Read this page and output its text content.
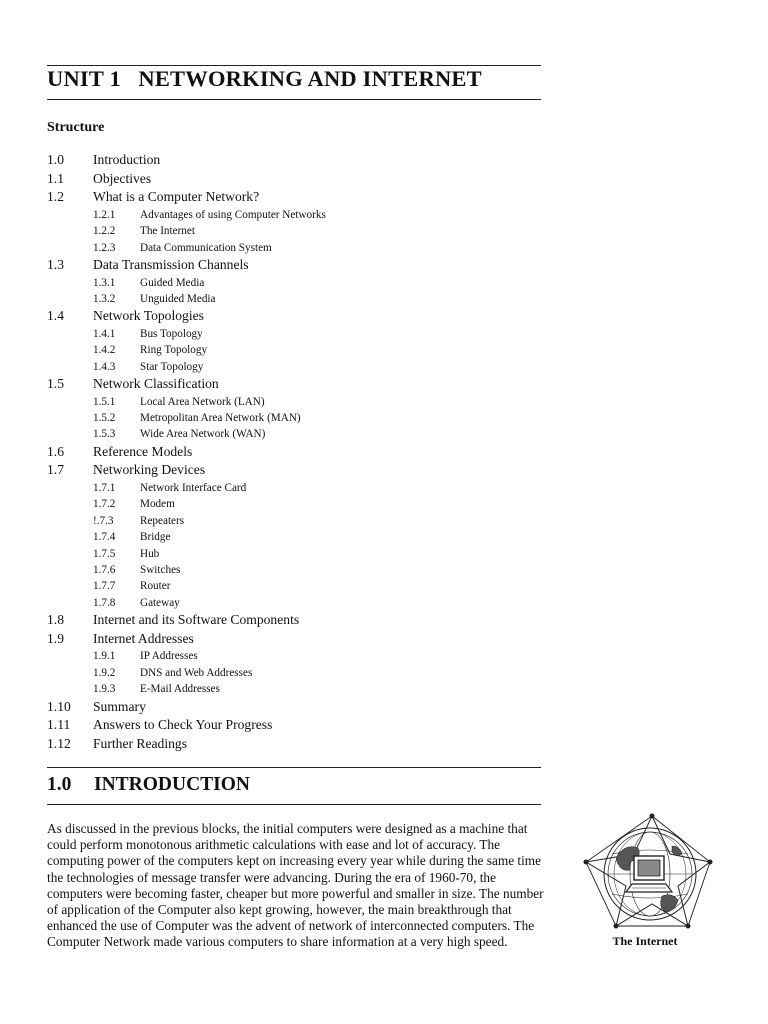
UNIT 1   NETWORKING AND INTERNET
Structure
1.0 Introduction
1.1 Objectives
1.2 What is a Computer Network?
1.2.1 Advantages of using Computer Networks
1.2.2 The Internet
1.2.3 Data Communication System
1.3 Data Transmission Channels
1.3.1 Guided Media
1.3.2 Unguided Media
1.4 Network Topologies
1.4.1 Bus Topology
1.4.2 Ring Topology
1.4.3 Star Topology
1.5 Network Classification
1.5.1 Local Area Network (LAN)
1.5.2 Metropolitan Area Network (MAN)
1.5.3 Wide Area Network (WAN)
1.6 Reference Models
1.7 Networking Devices
1.7.1 Network Interface Card
1.7.2 Modem
!.7.3 Repeaters
1.7.4 Bridge
1.7.5 Hub
1.7.6 Switches
1.7.7 Router
1.7.8 Gateway
1.8 Internet and its Software Components
1.9 Internet Addresses
1.9.1 IP Addresses
1.9.2 DNS and Web Addresses
1.9.3 E-Mail Addresses
1.10 Summary
1.11 Answers to Check Your Progress
1.12 Further Readings
1.0 INTRODUCTION
As discussed in the previous blocks, the initial computers were designed as a machine that could perform monotonous arithmetic calculations with ease and lot of accuracy. The computing power of the computers kept on increasing every year while during the same time the technologies of message transfer were advancing. During the era of 1960-70, the computers were becoming faster, cheaper but more powerful and smaller in size. The number of application of the Computer also kept growing, however, the main breakthrough that enhanced the use of Computer was the advent of network of interconnected computers. The Computer Network made various computers to share information at a very high speed.	The Internet
